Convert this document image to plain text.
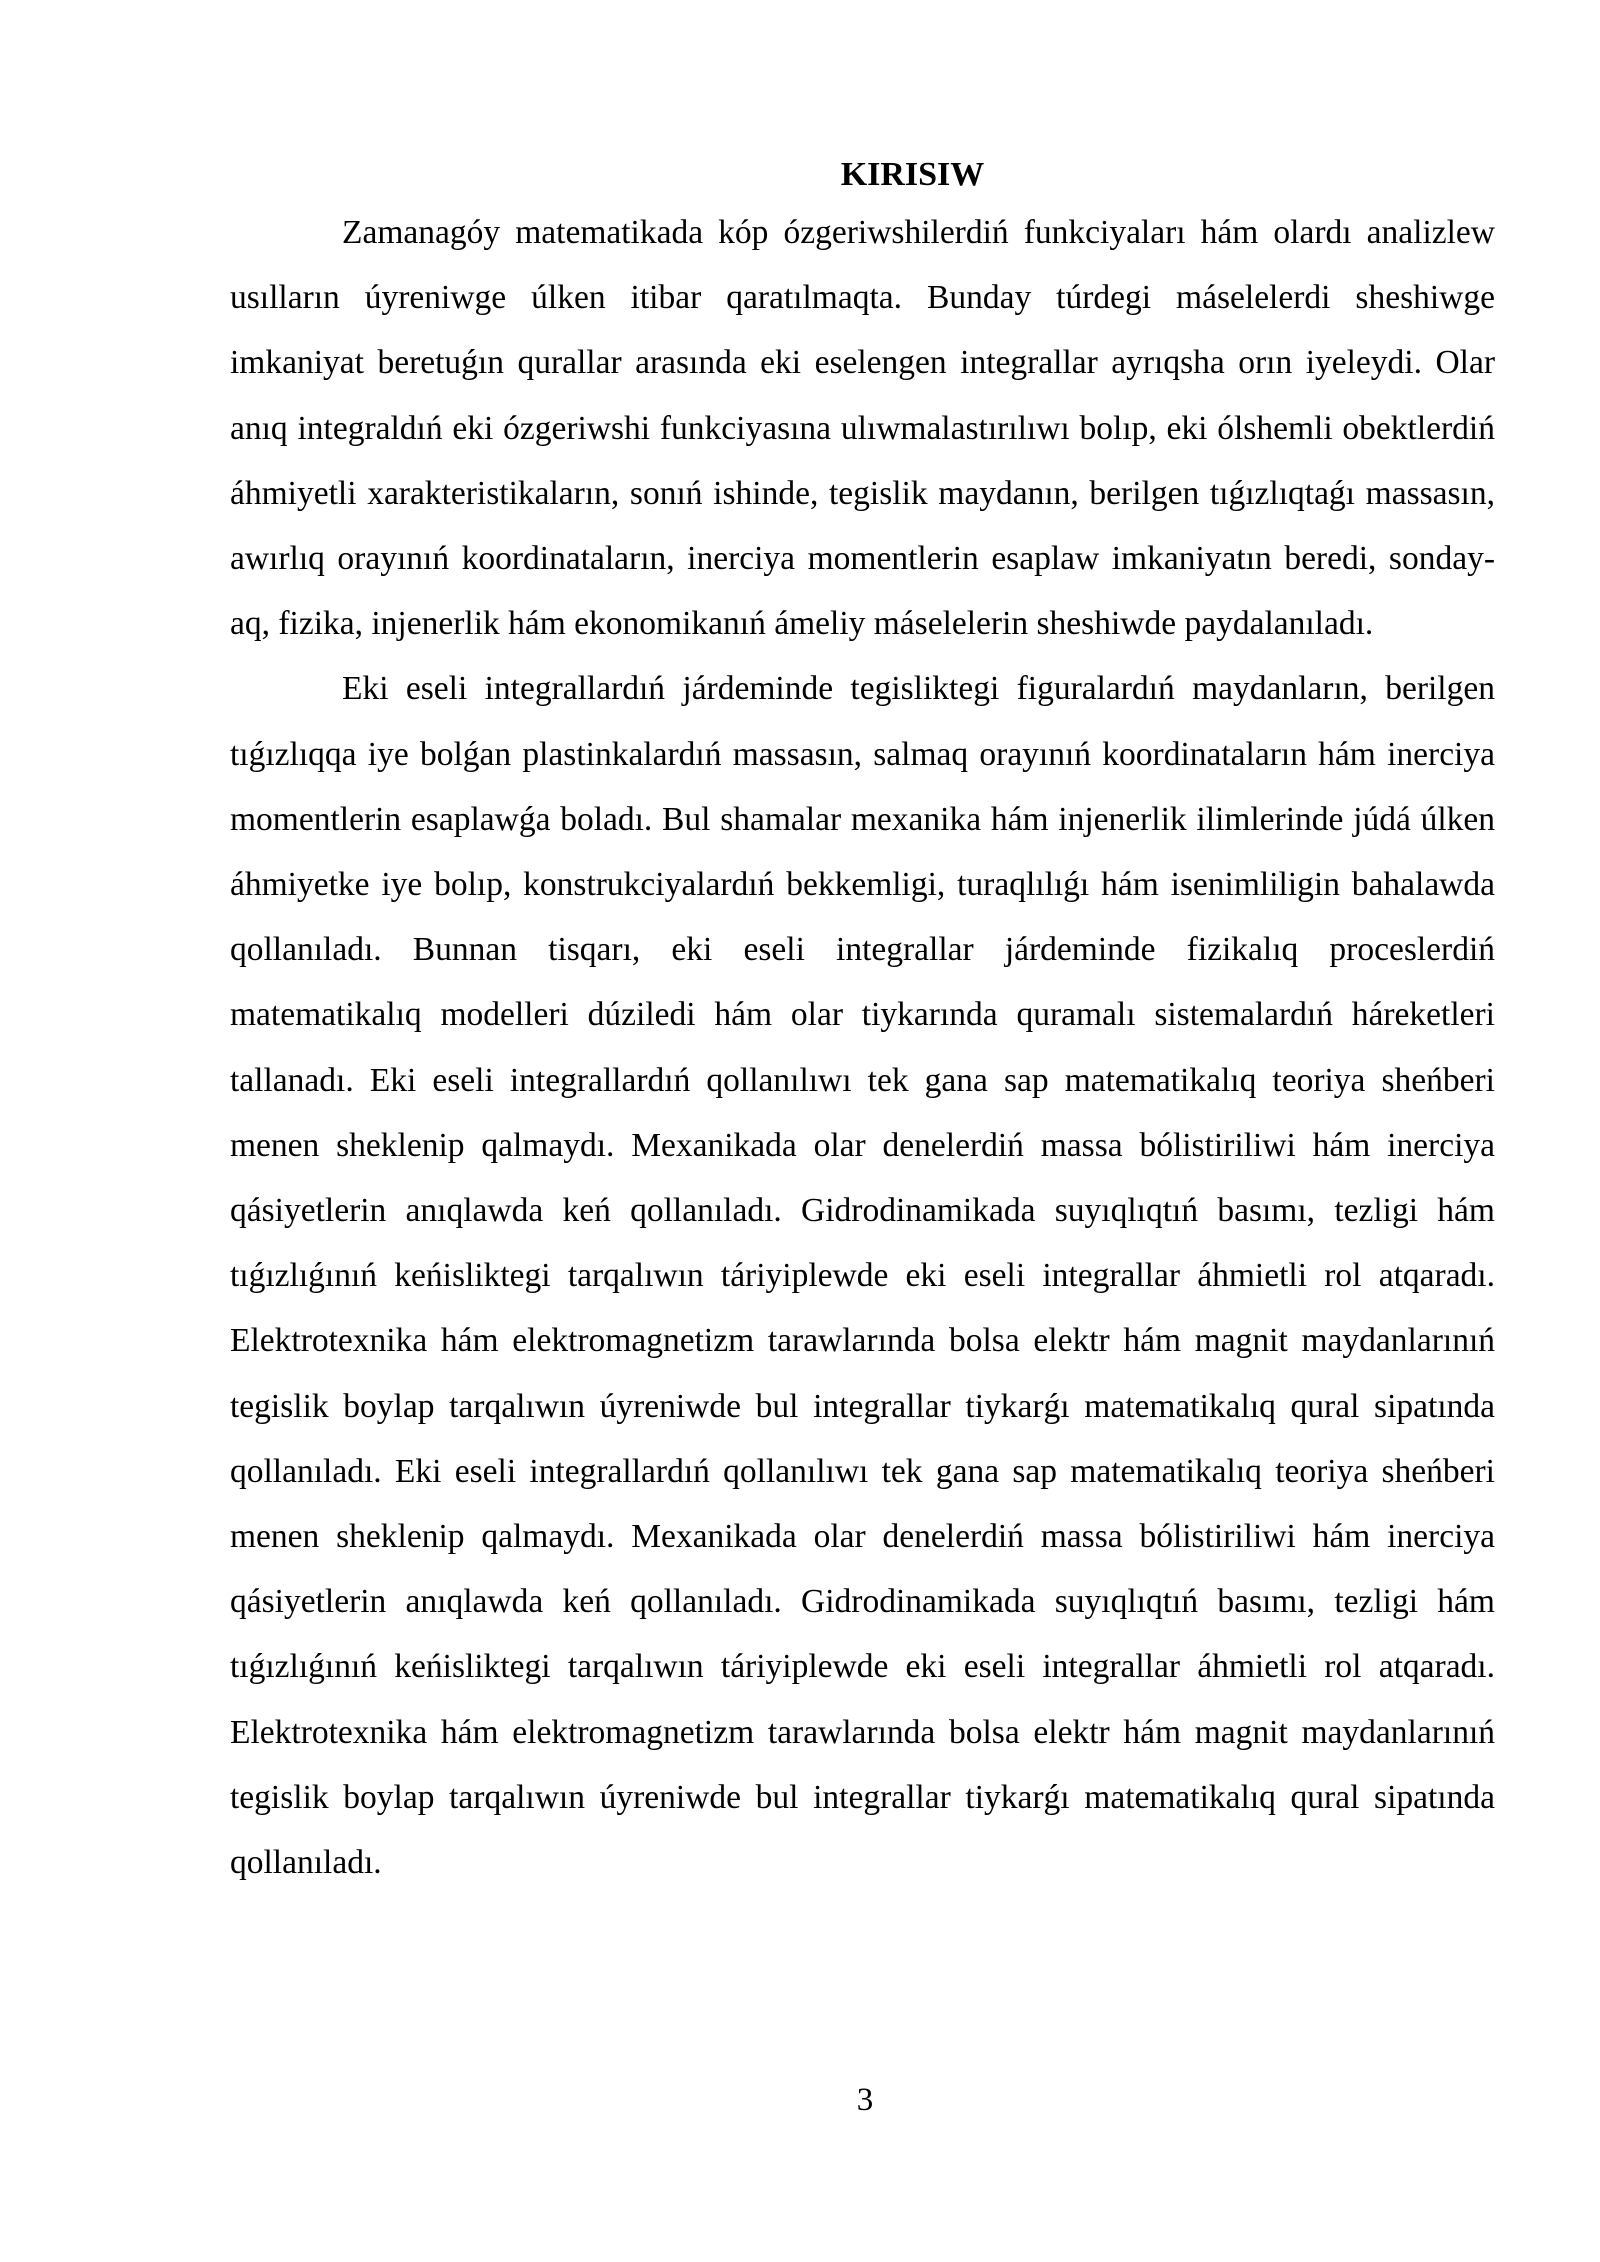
KIRISIW

Zamanagóy matematikada kóp ózgeriwshilerdiń funkciyaları hám olardı analizlew usılların úyreniwge úlken itibar qaratılmaqta. Bunday túrdegi máselelerdi sheshiwge imkaniyat beretuǵın qurallar arasında eki eselengen integrallar ayrıqsha orın iyeleydi. Olar anıq integraldıń eki ózgeriwshi funkciyasına ulıwmalastırılıwı bolıp, eki ólshemli obektlerdiń áhmiyetli xarakteristikaların, sonıń ishinde, tegislik maydanın, berilgen tıǵızlıqtaǵı massasın, awırlıq orayınıń koordinataların, inerciya momentlerin esaplaw imkaniyatın beredi, sonday-aq, fizika, injenerlik hám ekonomikanıń ámeliy máselelerin sheshiwde paydalanıladı.

Eki eseli integrallardıń járdeminde tegisliktegi figuralardıń maydanların, berilgen tıǵızlıqqa iye bolǵan plastinkalardıń massasın, salmaq orayınıń koordinataların hám inerciya momentlerin esaplawǵa boladı. Bul shamalar mexanika hám injenerlik ilimlerinde júdá úlken áhmiyetke iye bolıp, konstrukciyalardıń bekkemligi, turaqlılıǵı hám isenimliligin bahalawda qollanıladı. Bunnan tisqarı, eki eseli integrallar járdeminde fizikalıq proceslerdiń matematikalıq modelleri dúziledi hám olar tiykarında quramalı sistemalardıń háreketleri tallanadı. Eki eseli integrallardıń qollanılıwı tek gana sap matematikalıq teoriya sheńberi menen sheklenip qalmaydı. Mexanikada olar denelerdiń massa bólistiriliwi hám inerciya qásiyetlerin anıqlawda keń qollanıladı. Gidrodinamikada suyıqlıqtıń basımı, tezligi hám tıǵızlıǵınıń keńisliktegi tarqalıwın táriyiplewde eki eseli integrallar áhmietli rol atqaradı. Elektrotexnika hám elektromagnetizm tarawlarında bolsa elektr hám magnit maydanlarınıń tegislik boylap tarqalıwın úyreniwde bul integrallar tiykarǵı matematikalıq qural sipatında qollanıladı. Eki eseli integrallardıń qollanılıwı tek gana sap matematikalıq teoriya sheńberi menen sheklenip qalmaydı. Mexanikada olar denelerdiń massa bólistiriliwi hám inerciya qásiyetlerin anıqlawda keń qollanıladı. Gidrodinamikada suyıqlıqtıń basımı, tezligi hám tıǵızlıǵınıń keńisliktegi tarqalıwın táriyiplewde eki eseli integrallar áhmietli rol atqaradı. Elektrotexnika hám elektromagnetizm tarawlarında bolsa elektr hám magnit maydanlarınıń tegislik boylap tarqalıwın úyreniwde bul integrallar tiykarǵı matematikalıq qural sipatında qollanıladı.

3
